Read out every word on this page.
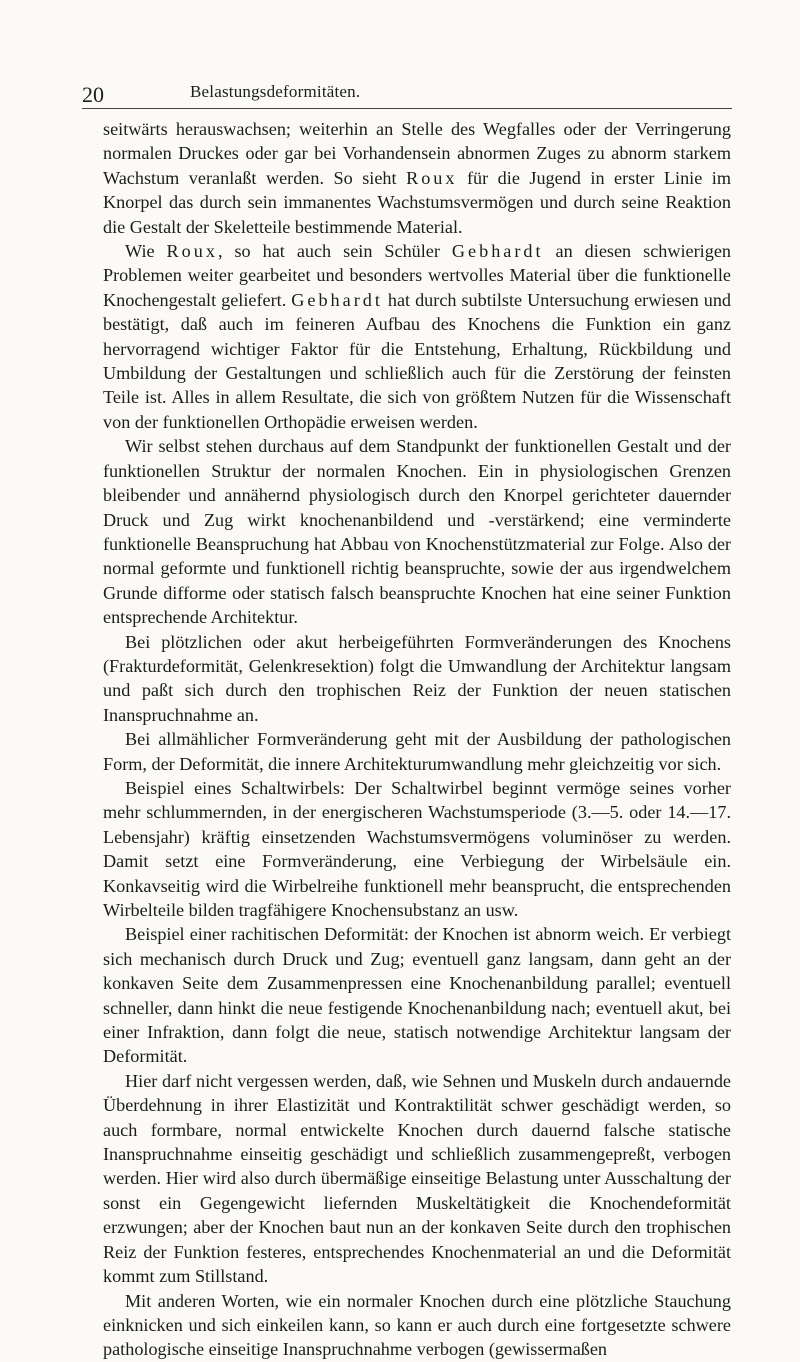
20	Belastungsdeformitäten.

seitwärts herauswachsen; weiterhin an Stelle des Wegfalles oder der Verringerung normalen Druckes oder gar bei Vorhandensein abnormen Zuges zu abnorm starkem Wachstum veranlaßt werden. So sieht Roux für die Jugend in erster Linie im Knorpel das durch sein immanentes Wachstumsvermögen und durch seine Reaktion die Gestalt der Skeletteile bestimmende Material.

Wie Roux, so hat auch sein Schüler Gebhardt an diesen schwierigen Problemen weiter gearbeitet und besonders wertvolles Material über die funktionelle Knochengestalt geliefert. Gebhardt hat durch subtilste Untersuchung erwiesen und bestätigt, daß auch im feineren Aufbau des Knochens die Funktion ein ganz hervorragend wichtiger Faktor für die Entstehung, Erhaltung, Rückbildung und Umbildung der Gestaltungen und schließlich auch für die Zerstörung der feinsten Teile ist. Alles in allem Resultate, die sich von größtem Nutzen für die Wissenschaft von der funktionellen Orthopädie erweisen werden.

Wir selbst stehen durchaus auf dem Standpunkt der funktionellen Gestalt und der funktionellen Struktur der normalen Knochen. Ein in physiologischen Grenzen bleibender und annähernd physiologisch durch den Knorpel gerichteter dauernder Druck und Zug wirkt knochenanbildend und -verstärkend; eine verminderte funktionelle Beanspruchung hat Abbau von Knochenstützmaterial zur Folge. Also der normal geformte und funktionell richtig beanspruchte, sowie der aus irgendwelchem Grunde difforme oder statisch falsch beanspruchte Knochen hat eine seiner Funktion entsprechende Architektur.

Bei plötzlichen oder akut herbeigeführten Formveränderungen des Knochens (Frakturdeformität, Gelenkresektion) folgt die Umwandlung der Architektur langsam und paßt sich durch den trophischen Reiz der Funktion der neuen statischen Inanspruchnahme an.

Bei allmählicher Formveränderung geht mit der Ausbildung der pathologischen Form, der Deformität, die innere Architekturumwandlung mehr gleichzeitig vor sich.

Beispiel eines Schaltwirbels: Der Schaltwirbel beginnt vermöge seines vorher mehr schlummernden, in der energischeren Wachstumsperiode (3.—5. oder 14.—17. Lebensjahr) kräftig einsetzenden Wachstumsvermögens voluminöser zu werden. Damit setzt eine Formveränderung, eine Verbiegung der Wirbelsäule ein. Konkavseitig wird die Wirbelreihe funktionell mehr beansprucht, die entsprechenden Wirbelteile bilden tragfähigere Knochensubstanz an usw.

Beispiel einer rachitischen Deformität: der Knochen ist abnorm weich. Er verbiegt sich mechanisch durch Druck und Zug; eventuell ganz langsam, dann geht an der konkaven Seite dem Zusammenpressen eine Knochenanbildung parallel; eventuell schneller, dann hinkt die neue festigende Knochenanbildung nach; eventuell akut, bei einer Infraktion, dann folgt die neue, statisch notwendige Architektur langsam der Deformität.

Hier darf nicht vergessen werden, daß, wie Sehnen und Muskeln durch andauernde Überdehnung in ihrer Elastizität und Kontraktilität schwer geschädigt werden, so auch formbare, normal entwickelte Knochen durch dauernd falsche statische Inanspruchnahme einseitig geschädigt und schließlich zusammengepreßt, verbogen werden. Hier wird also durch übermäßige einseitige Belastung unter Ausschaltung der sonst ein Gegengewicht liefernden Muskeltätigkeit die Knochendeformität erzwungen; aber der Knochen baut nun an der konkaven Seite durch den trophischen Reiz der Funktion festeres, entsprechendes Knochenmaterial an und die Deformität kommt zum Stillstand.

Mit anderen Worten, wie ein normaler Knochen durch eine plötzliche Stauchung einknicken und sich einkeilen kann, so kann er auch durch eine fortgesetzte schwere pathologische einseitige Inanspruchnahme verbogen (gewissermaßen
